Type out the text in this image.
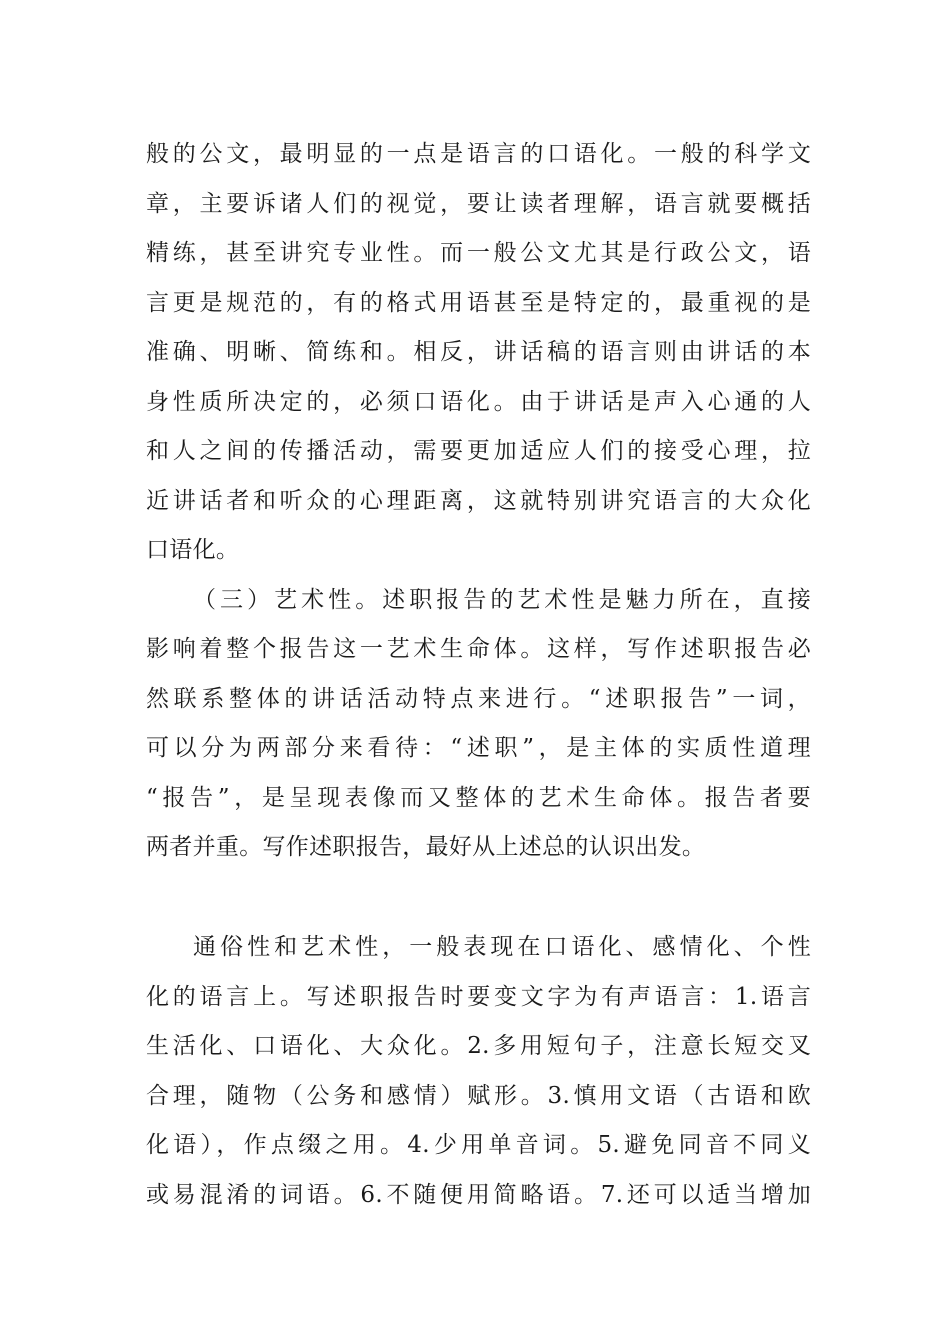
般的公文，最明显的一点是语言的口语化。一般的科学文
章，主要诉诸人们的视觉，要让读者理解，语言就要概括
精练，甚至讲究专业性。而一般公文尤其是行政公文，语
言更是规范的，有的格式用语甚至是特定的，最重视的是
准确、明晰、简练和。相反，讲话稿的语言则由讲话的本
身性质所决定的，必须口语化。由于讲话是声入心通的人
和人之间的传播活动，需要更加适应人们的接受心理，拉
近讲话者和听众的心理距离，这就特别讲究语言的大众化
口语化。
（三）艺术性。述职报告的艺术性是魅力所在，直接
影响着整个报告这一艺术生命体。这样，写作述职报告必
然联系整体的讲话活动特点来进行。“述职报告”一词，
可以分为两部分来看待：“述职”，是主体的实质性道理
“报告”，是呈现表像而又整体的艺术生命体。报告者要
两者并重。写作述职报告，最好从上述总的认识出发。
通俗性和艺术性，一般表现在口语化、感情化、个性
化的语言上。写述职报告时要变文字为有声语言：1.语言
生活化、口语化、大众化。2.多用短句子，注意长短交叉
合理，随物（公务和感情）赋形。3.慎用文语（古语和欧
化语），作点缀之用。4.少用单音词。5.避免同音不同义
或易混淆的词语。6.不随便用简略语。7.还可以适当增加
